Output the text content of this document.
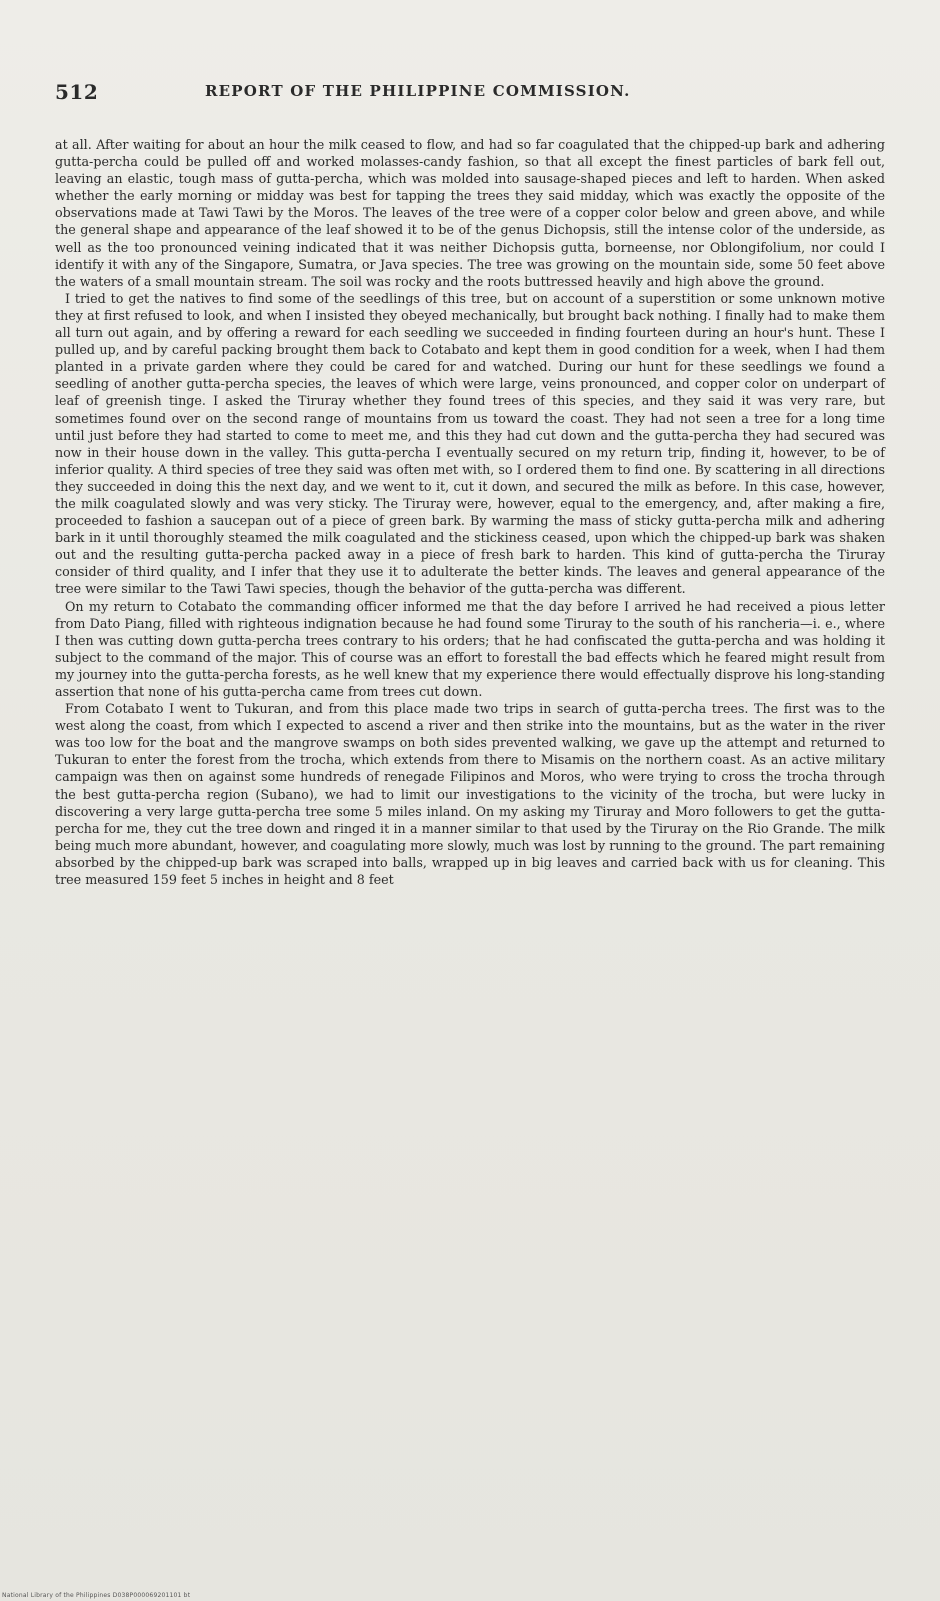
512	REPORT OF THE PHILIPPINE COMMISSION.

at all. After waiting for about an hour the milk ceased to flow, and had so far coagulated that the chipped-up bark and adhering gutta-percha could be pulled off and worked molasses-candy fashion, so that all except the finest particles of bark fell out, leaving an elastic, tough mass of gutta-percha, which was molded into sausage-shaped pieces and left to harden. When asked whether the early morning or midday was best for tapping the trees they said midday, which was exactly the opposite of the observations made at Tawi Tawi by the Moros. The leaves of the tree were of a copper color below and green above, and while the general shape and appearance of the leaf showed it to be of the genus Dichopsis, still the intense color of the underside, as well as the too pronounced veining indicated that it was neither Dichopsis gutta, borneense, nor Oblongifolium, nor could I identify it with any of the Singapore, Sumatra, or Java species. The tree was growing on the mountain side, some 50 feet above the waters of a small mountain stream. The soil was rocky and the roots buttressed heavily and high above the ground.

I tried to get the natives to find some of the seedlings of this tree, but on account of a superstition or some unknown motive they at first refused to look, and when I insisted they obeyed mechanically, but brought back nothing. I finally had to make them all turn out again, and by offering a reward for each seedling we succeeded in finding fourteen during an hour's hunt. These I pulled up, and by careful packing brought them back to Cotabato and kept them in good condition for a week, when I had them planted in a private garden where they could be cared for and watched. During our hunt for these seedlings we found a seedling of another gutta-percha species, the leaves of which were large, veins pronounced, and copper color on underpart of leaf of greenish tinge. I asked the Tiruray whether they found trees of this species, and they said it was very rare, but sometimes found over on the second range of mountains from us toward the coast. They had not seen a tree for a long time until just before they had started to come to meet me, and this they had cut down and the gutta-percha they had secured was now in their house down in the valley. This gutta-percha I eventually secured on my return trip, finding it, however, to be of inferior quality. A third species of tree they said was often met with, so I ordered them to find one. By scattering in all directions they succeeded in doing this the next day, and we went to it, cut it down, and secured the milk as before. In this case, however, the milk coagulated slowly and was very sticky. The Tiruray were, however, equal to the emergency, and, after making a fire, proceeded to fashion a saucepan out of a piece of green bark. By warming the mass of sticky gutta-percha milk and adhering bark in it until thoroughly steamed the milk coagulated and the stickiness ceased, upon which the chipped-up bark was shaken out and the resulting gutta-percha packed away in a piece of fresh bark to harden. This kind of gutta-percha the Tiruray consider of third quality, and I infer that they use it to adulterate the better kinds. The leaves and general appearance of the tree were similar to the Tawi Tawi species, though the behavior of the gutta-percha was different.

On my return to Cotabato the commanding officer informed me that the day before I arrived he had received a pious letter from Dato Piang, filled with righteous indignation because he had found some Tiruray to the south of his rancheria—i. e., where I then was cutting down gutta-percha trees contrary to his orders; that he had confiscated the gutta-percha and was holding it subject to the command of the major. This of course was an effort to forestall the bad effects which he feared might result from my journey into the gutta-percha forests, as he well knew that my experience there would effectually disprove his long-standing assertion that none of his gutta-percha came from trees cut down.

From Cotabato I went to Tukuran, and from this place made two trips in search of gutta-percha trees. The first was to the west along the coast, from which I expected to ascend a river and then strike into the mountains, but as the water in the river was too low for the boat and the mangrove swamps on both sides prevented walking, we gave up the attempt and returned to Tukuran to enter the forest from the trocha, which extends from there to Misamis on the northern coast. As an active military campaign was then on against some hundreds of renegade Filipinos and Moros, who were trying to cross the trocha through the best gutta-percha region (Subano), we had to limit our investigations to the vicinity of the trocha, but were lucky in discovering a very large gutta-percha tree some 5 miles inland. On my asking my Tiruray and Moro followers to get the gutta-percha for me, they cut the tree down and ringed it in a manner similar to that used by the Tiruray on the Rio Grande. The milk being much more abundant, however, and coagulating more slowly, much was lost by running to the ground. The part remaining absorbed by the chipped-up bark was scraped into balls, wrapped up in big leaves and carried back with us for cleaning. This tree measured 159 feet 5 inches in height and 8 feet

National Library of the Philippines D038P000069201101 bt
